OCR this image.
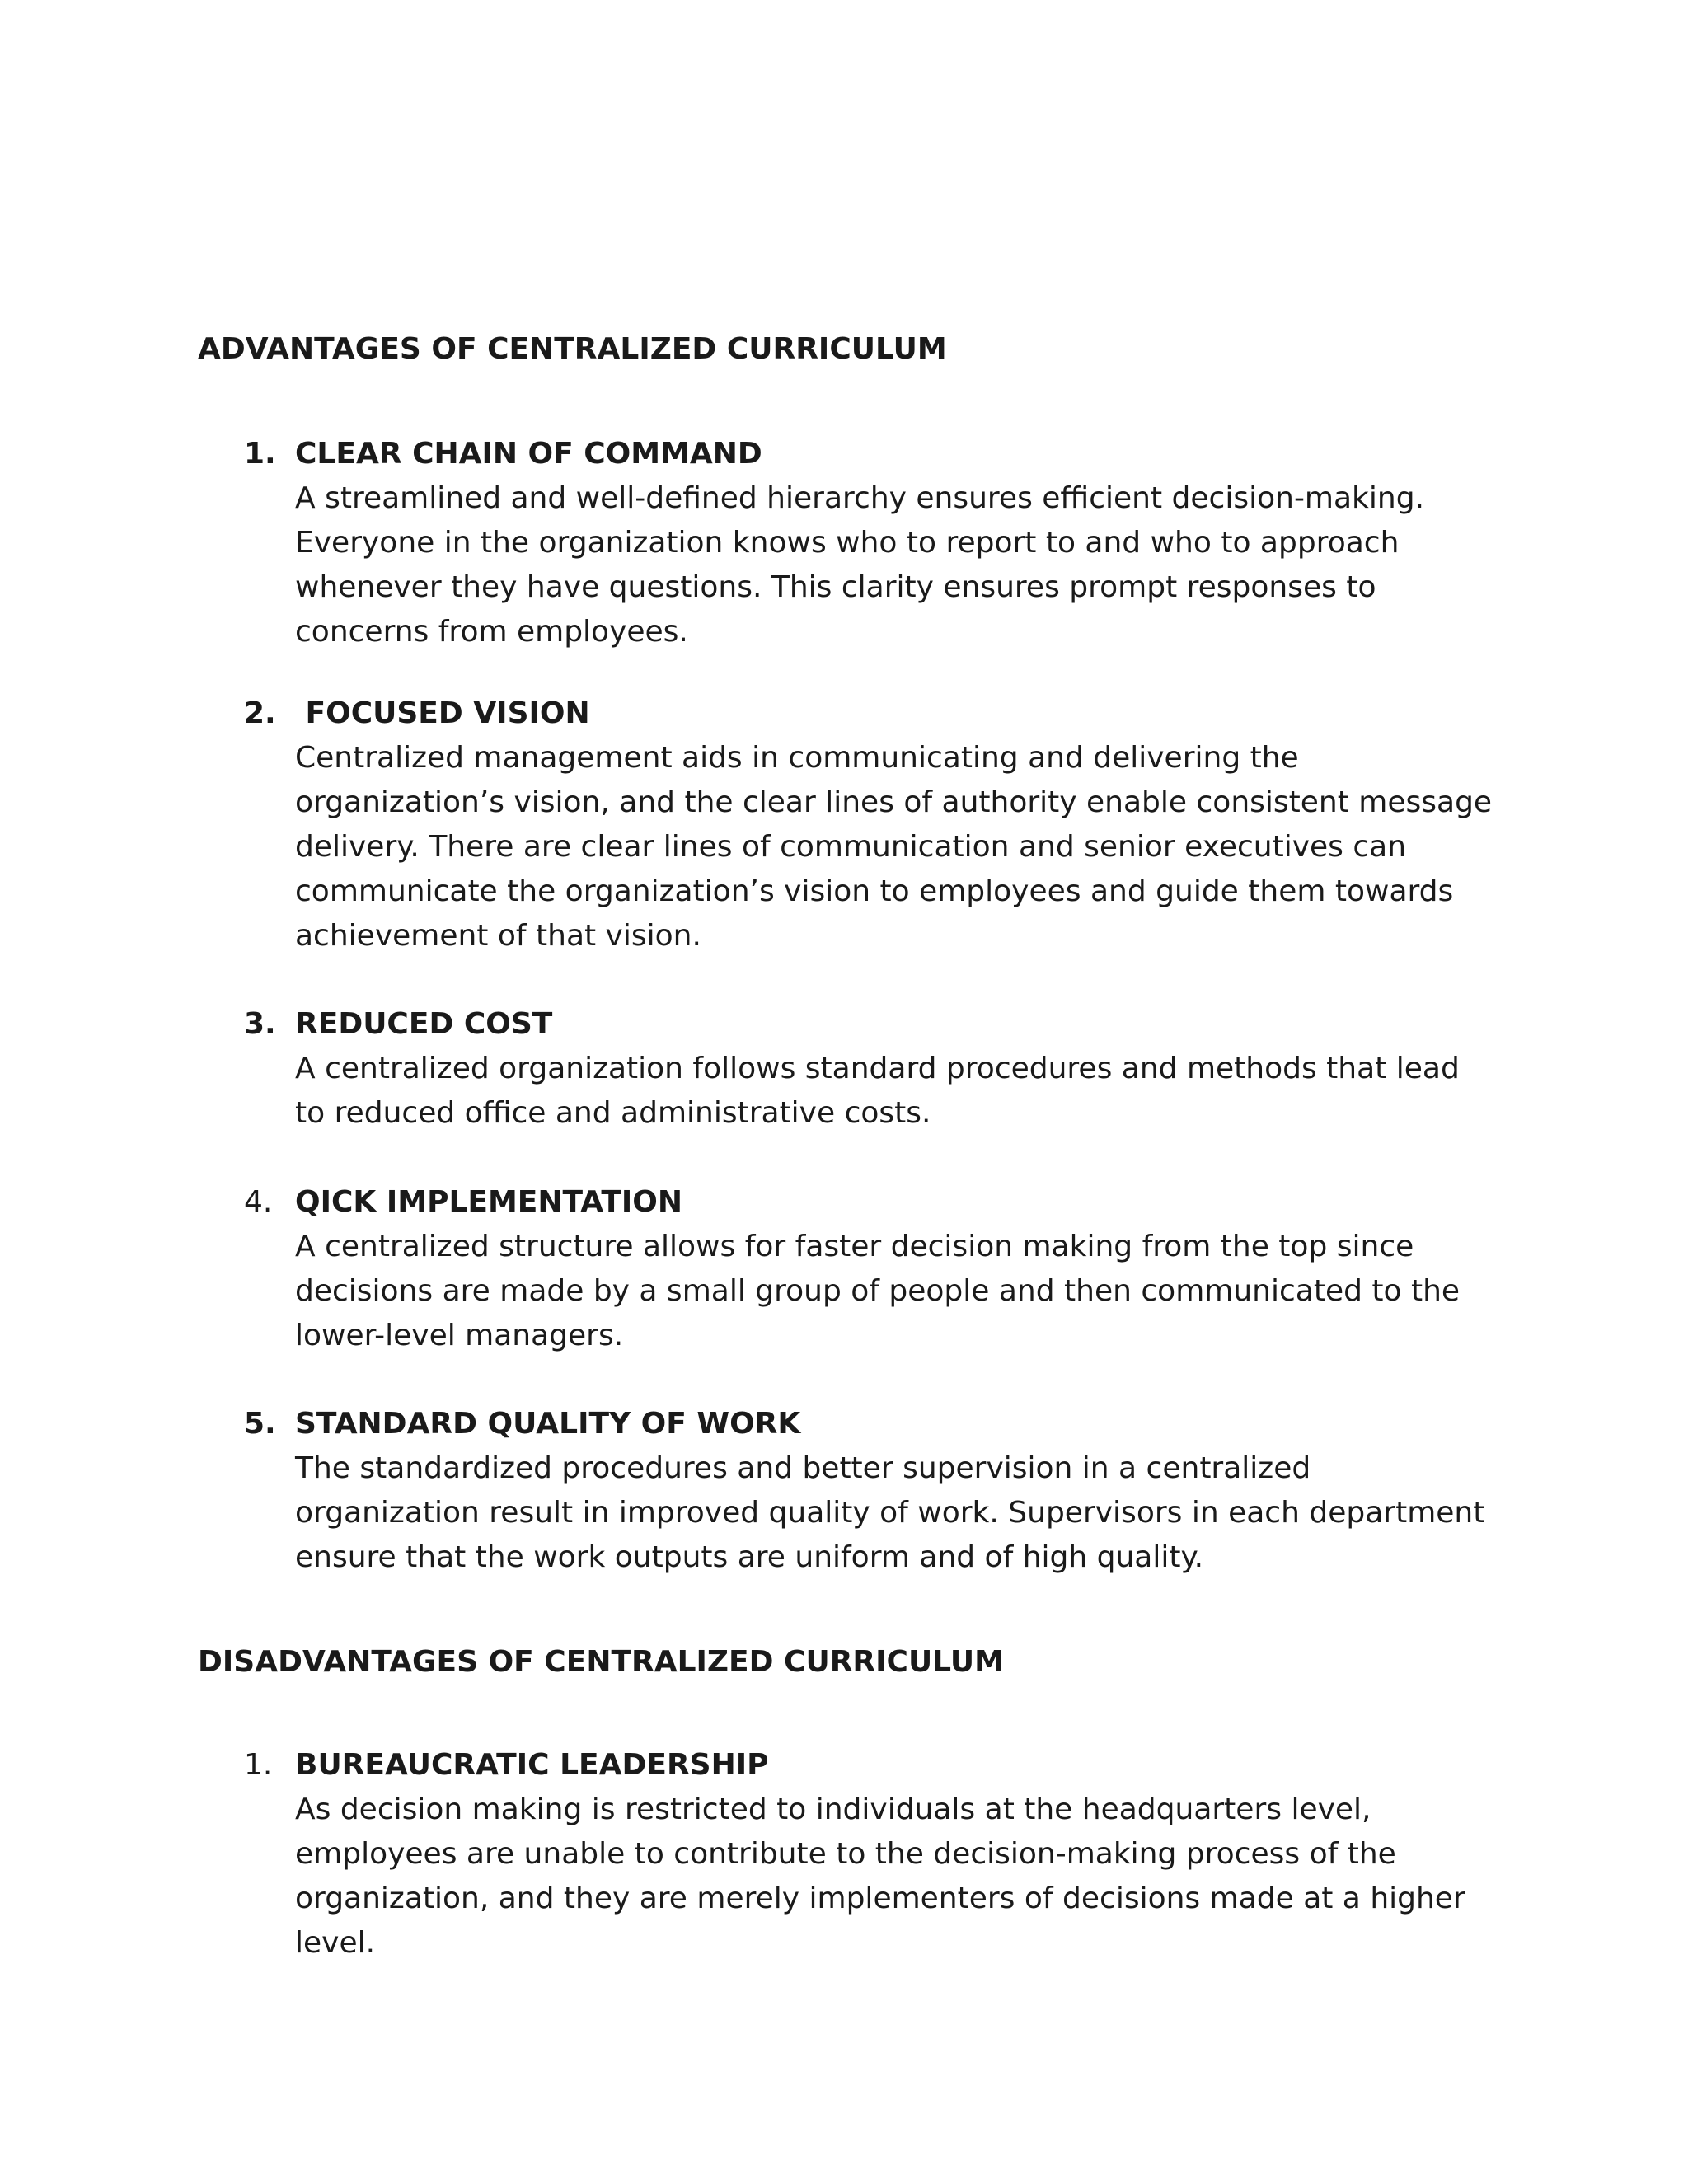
ADVANTAGES OF CENTRALIZED CURRICULUM
1. CLEAR CHAIN OF COMMAND

A streamlined and well-defined hierarchy ensures efficient decision-making. Everyone in the organization knows who to report to and who to approach whenever they have questions. This clarity ensures prompt responses to concerns from employees.

2. FOCUSED VISION

Centralized management aids in communicating and delivering the organization’s vision, and the clear lines of authority enable consistent message delivery. There are clear lines of communication and senior executives can communicate the organization’s vision to employees and guide them towards achievement of that vision.

3. REDUCED COST

A centralized organization follows standard procedures and methods that lead to reduced office and administrative costs.

4. QICK IMPLEMENTATION

A centralized structure allows for faster decision making from the top since decisions are made by a small group of people and then communicated to the lower-level managers.

5. STANDARD QUALITY OF WORK

The standardized procedures and better supervision in a centralized organization result in improved quality of work. Supervisors in each department ensure that the work outputs are uniform and of high quality.

DISADVANTAGES OF CENTRALIZED CURRICULUM
1. BUREAUCRATIC LEADERSHIP

As decision making is restricted to individuals at the headquarters level, employees are unable to contribute to the decision-making process of the organization, and they are merely implementers of decisions made at a higher level.
